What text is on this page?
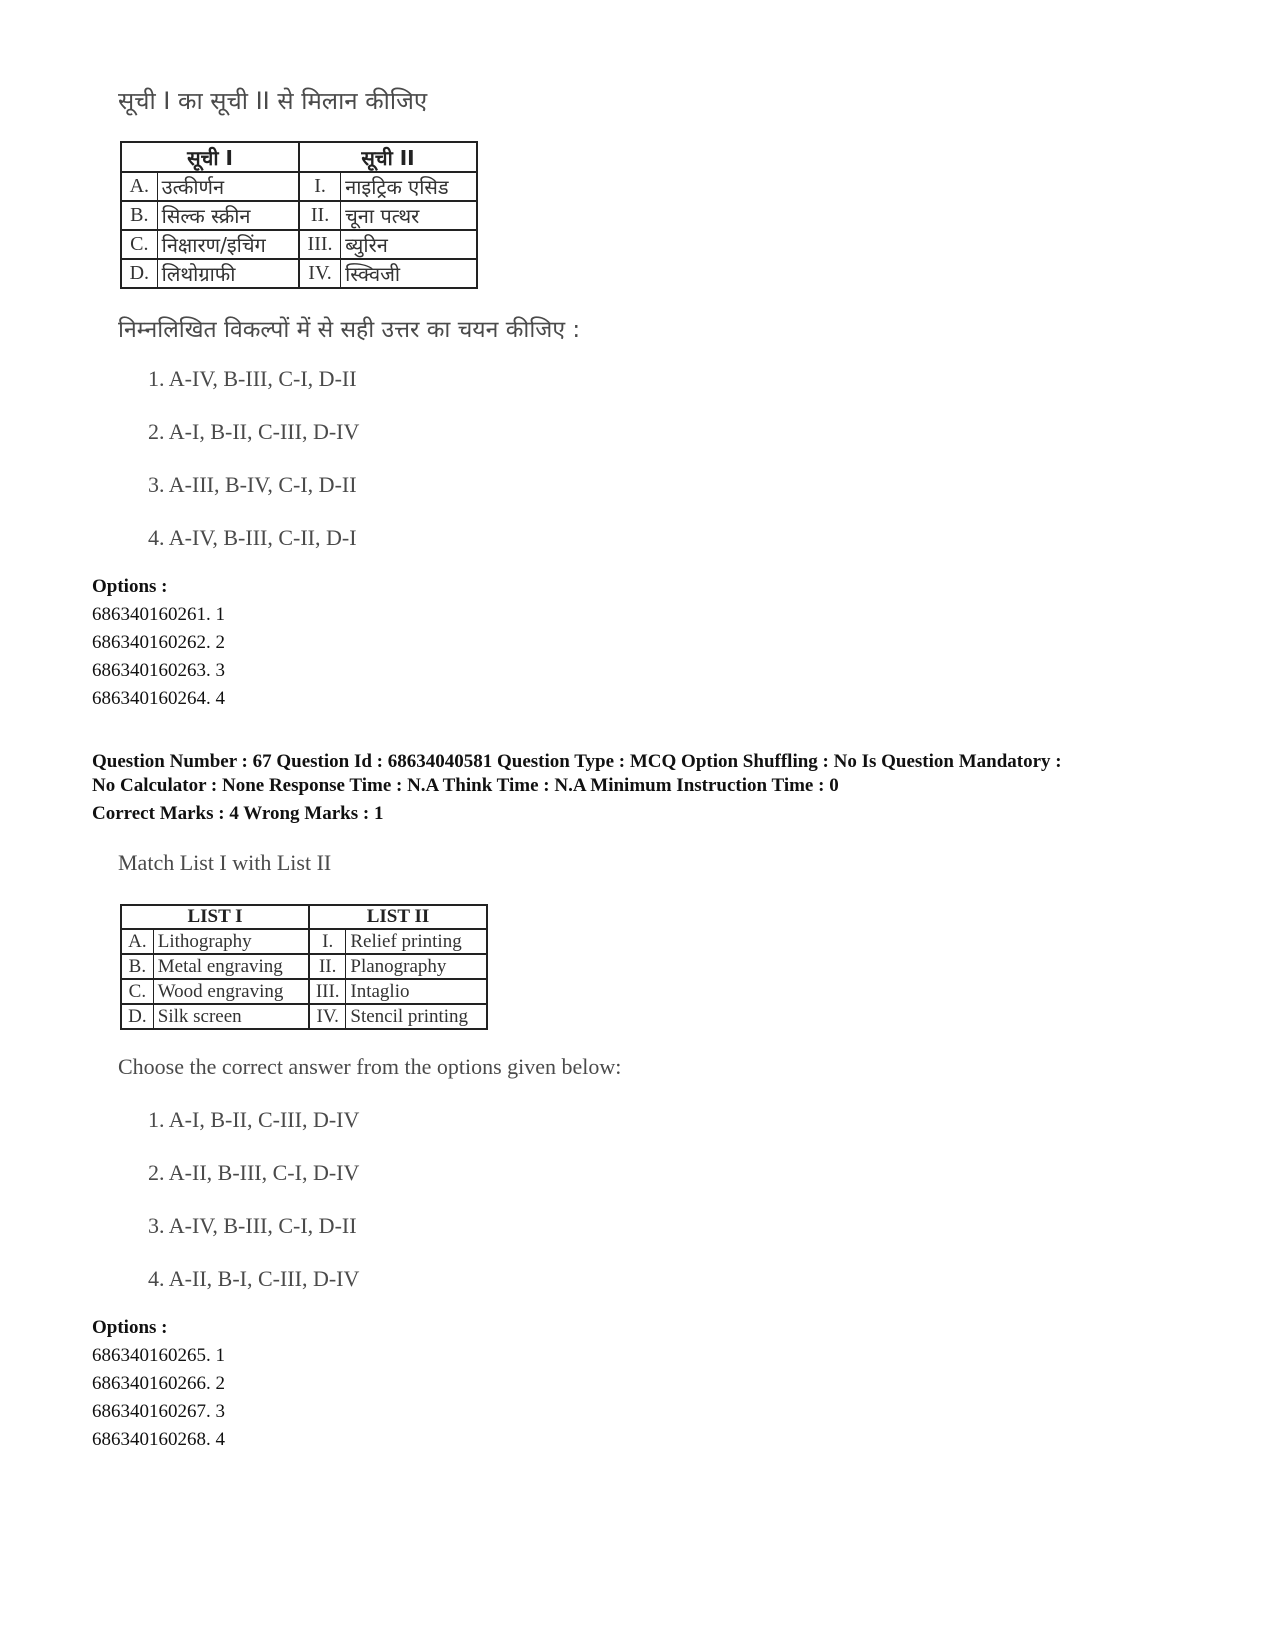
सूची I का सूची II से मिलान कीजिए
सूची I		सूची II	
A.	उत्कीर्णन	I.	नाइट्रिक एसिड
B.	सिल्क स्क्रीन	II.	चूना पत्थर
C.	निक्षारण/इचिंग	III.	ब्युरिन
D.	लिथोग्राफी	IV.	स्क्विजी
निम्नलिखित विकल्पों में से सही उत्तर का चयन कीजिए :
1. A-IV, B-III, C-I, D-II
2. A-I, B-II, C-III, D-IV
3. A-III, B-IV, C-I, D-II
4. A-IV, B-III, C-II, D-I
Options :
686340160261. 1
686340160262. 2
686340160263. 3
686340160264. 4
Question Number : 67 Question Id : 68634040581 Question Type : MCQ Option Shuffling : No Is Question Mandatory :
No Calculator : None Response Time : N.A Think Time : N.A Minimum Instruction Time : 0
Correct Marks : 4 Wrong Marks : 1
Match List I with List II
LIST I		LIST II	
A.	Lithography	I.	Relief printing
B.	Metal engraving	II.	Planography
C.	Wood engraving	III.	Intaglio
D.	Silk screen	IV.	Stencil printing
Choose the correct answer from the options given below:
1. A-I, B-II, C-III, D-IV
2. A-II, B-III, C-I, D-IV
3. A-IV, B-III, C-I, D-II
4. A-II, B-I, C-III, D-IV
Options :
686340160265. 1
686340160266. 2
686340160267. 3
686340160268. 4
